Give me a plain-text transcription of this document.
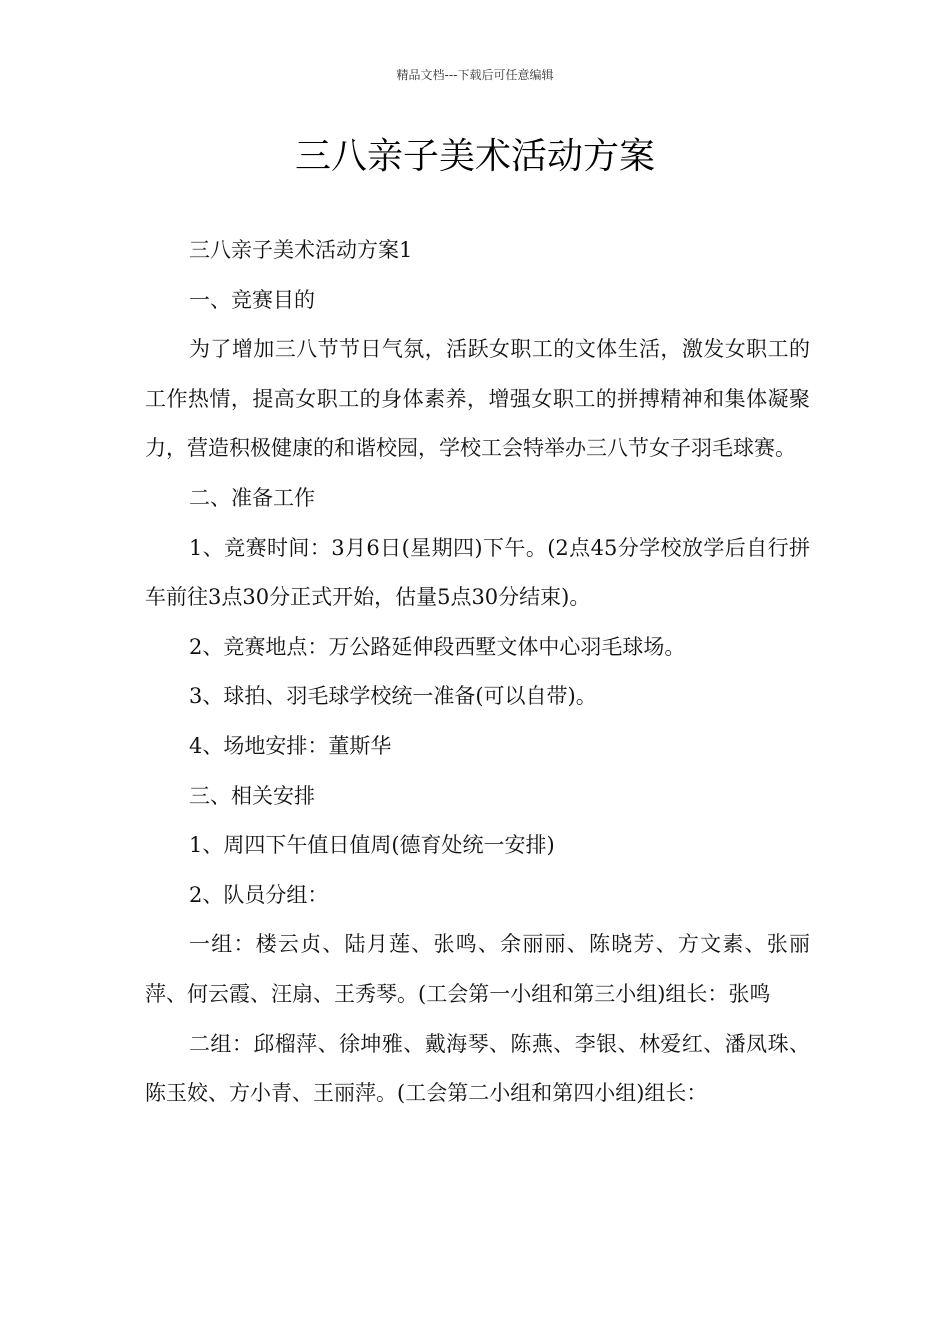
精品文档---下载后可任意编辑
三八亲子美术活动方案

三八亲子美术活动方案1

一、竞赛目的

为了增加三八节节日气氛，活跃女职工的文体生活，激发女职工的工作热情，提高女职工的身体素养，增强女职工的拼搏精神和集体凝聚力，营造积极健康的和谐校园，学校工会特举办三八节女子羽毛球赛。

二、准备工作

1、竞赛时间：3月6日(星期四)下午。(2点45分学校放学后自行拼车前往3点30分正式开始，估量5点30分结束)。

2、竞赛地点：万公路延伸段西墅文体中心羽毛球场。

3、球拍、羽毛球学校统一准备(可以自带)。

4、场地安排：董斯华

三、相关安排

1、周四下午值日值周(德育处统一安排)

2、队员分组：

一组：楼云贞、陆月莲、张鸣、余丽丽、陈晓芳、方文素、张丽萍、何云霞、汪扇、王秀琴。(工会第一小组和第三小组)组长：张鸣

二组：邱榴萍、徐坤雅、戴海琴、陈燕、李银、林爱红、潘凤珠、陈玉姣、方小青、王丽萍。(工会第二小组和第四小组)组长：
